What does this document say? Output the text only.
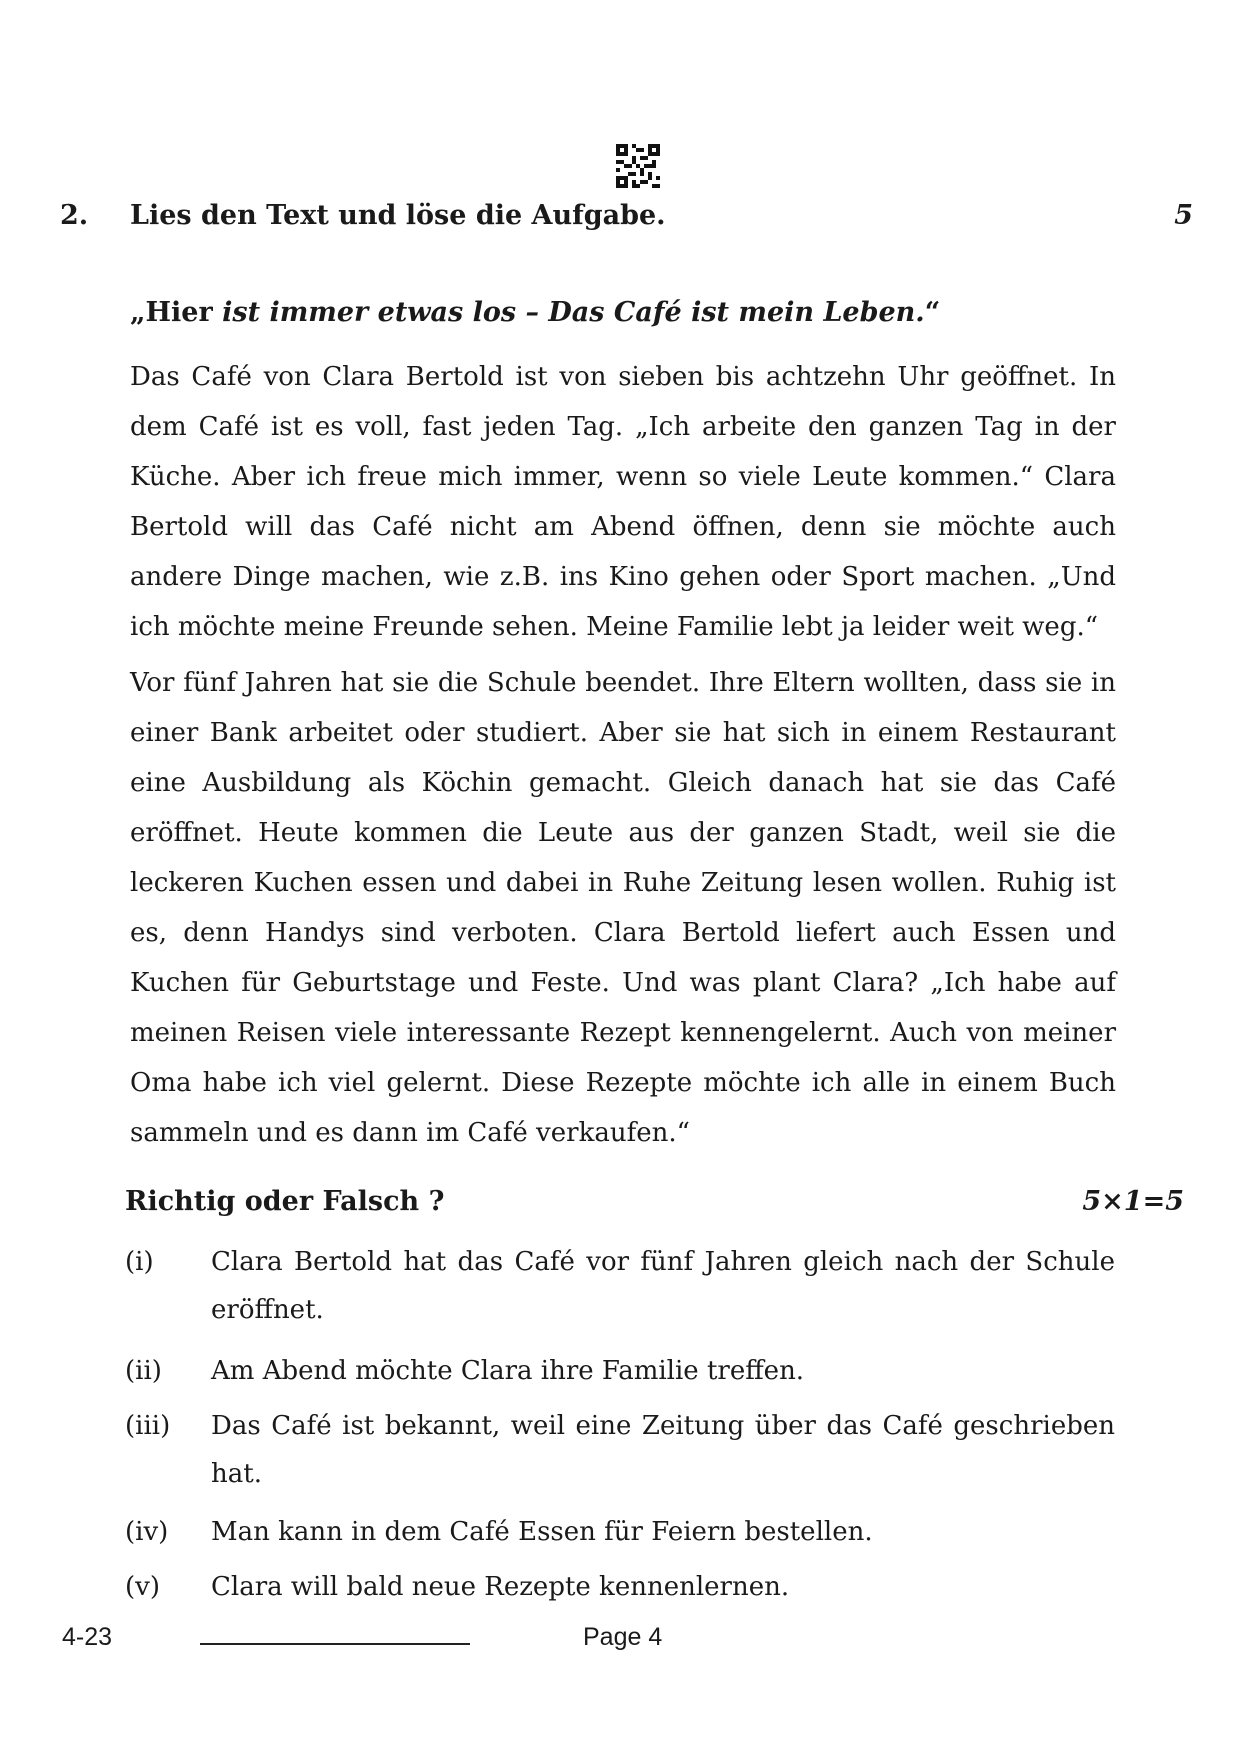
2. Lies den Text und löse die Aufgabe.	5
„Hier ist immer etwas los – Das Café ist mein Leben.“

Das Café von Clara Bertold ist von sieben bis achtzehn Uhr geöffnet. In dem Café ist es voll, fast jeden Tag. „Ich arbeite den ganzen Tag in der Küche. Aber ich freue mich immer, wenn so viele Leute kommen.“ Clara Bertold will das Café nicht am Abend öffnen, denn sie möchte auch andere Dinge machen, wie z.B. ins Kino gehen oder Sport machen. „Und ich möchte meine Freunde sehen. Meine Familie lebt ja leider weit weg.“

Vor fünf Jahren hat sie die Schule beendet. Ihre Eltern wollten, dass sie in einer Bank arbeitet oder studiert. Aber sie hat sich in einem Restaurant eine Ausbildung als Köchin gemacht. Gleich danach hat sie das Café eröffnet. Heute kommen die Leute aus der ganzen Stadt, weil sie die leckeren Kuchen essen und dabei in Ruhe Zeitung lesen wollen. Ruhig ist es, denn Handys sind verboten. Clara Bertold liefert auch Essen und Kuchen für Geburtstage und Feste. Und was plant Clara? „Ich habe auf meinen Reisen viele interessante Rezept kennengelernt. Auch von meiner Oma habe ich viel gelernt. Diese Rezepte möchte ich alle in einem Buch sammeln und es dann im Café verkaufen.“

Richtig oder Falsch ?	5×1=5
(i) Clara Bertold hat das Café vor fünf Jahren gleich nach der Schule eröffnet.
(ii) Am Abend möchte Clara ihre Familie treffen.
(iii) Das Café ist bekannt, weil eine Zeitung über das Café geschrieben hat.
(iv) Man kann in dem Café Essen für Feiern bestellen.
(v) Clara will bald neue Rezepte kennenlernen.
4-23	Page 4
